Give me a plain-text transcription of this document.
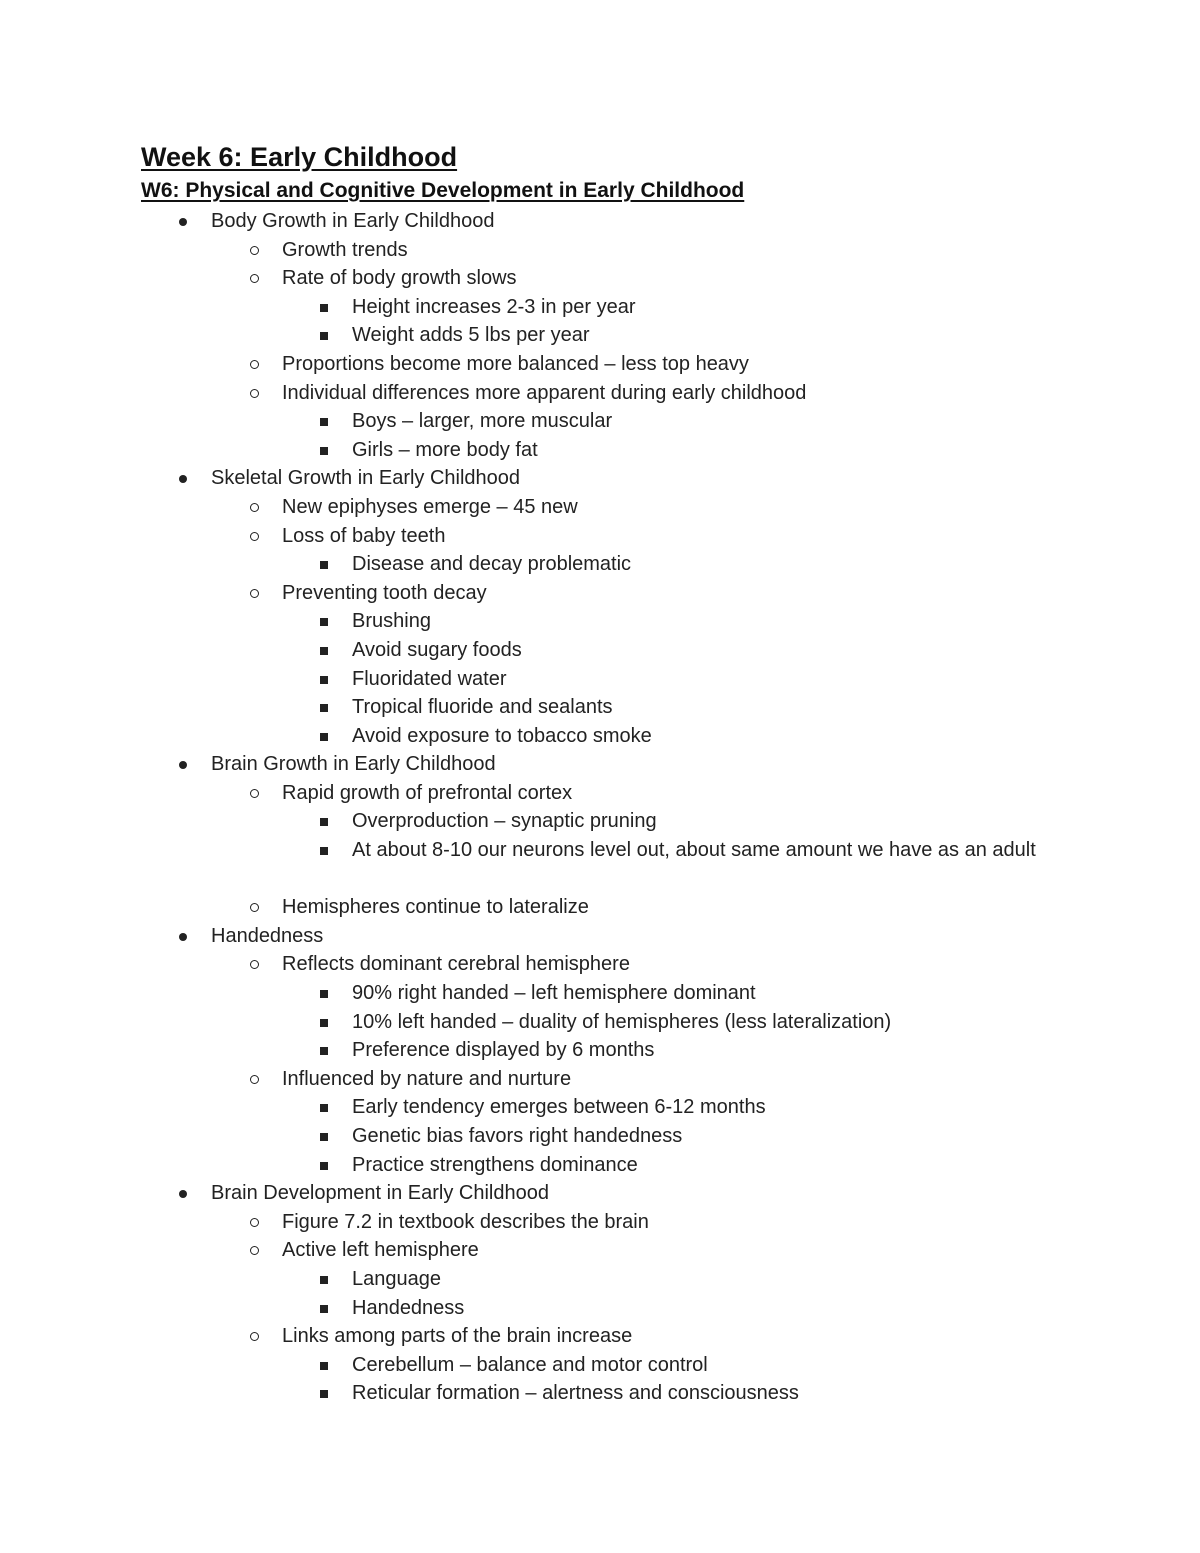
Week 6: Early Childhood
W6: Physical and Cognitive Development in Early Childhood
Body Growth in Early Childhood
Growth trends
Rate of body growth slows
Height increases 2-3 in per year
Weight adds 5 lbs per year
Proportions become more balanced – less top heavy
Individual differences more apparent during early childhood
Boys – larger, more muscular
Girls – more body fat
Skeletal Growth in Early Childhood
New epiphyses emerge – 45 new
Loss of baby teeth
Disease and decay problematic
Preventing tooth decay
Brushing
Avoid sugary foods
Fluoridated water
Tropical fluoride and sealants
Avoid exposure to tobacco smoke
Brain Growth in Early Childhood
Rapid growth of prefrontal cortex
Overproduction – synaptic pruning
At about 8-10 our neurons level out, about same amount we have as an adult
Hemispheres continue to lateralize
Handedness
Reflects dominant cerebral hemisphere
90% right handed – left hemisphere dominant
10% left handed – duality of hemispheres (less lateralization)
Preference displayed by 6 months
Influenced by nature and nurture
Early tendency emerges between 6-12 months
Genetic bias favors right handedness
Practice strengthens dominance
Brain Development in Early Childhood
Figure 7.2 in textbook describes the brain
Active left hemisphere
Language
Handedness
Links among parts of the brain increase
Cerebellum – balance and motor control
Reticular formation – alertness and consciousness
